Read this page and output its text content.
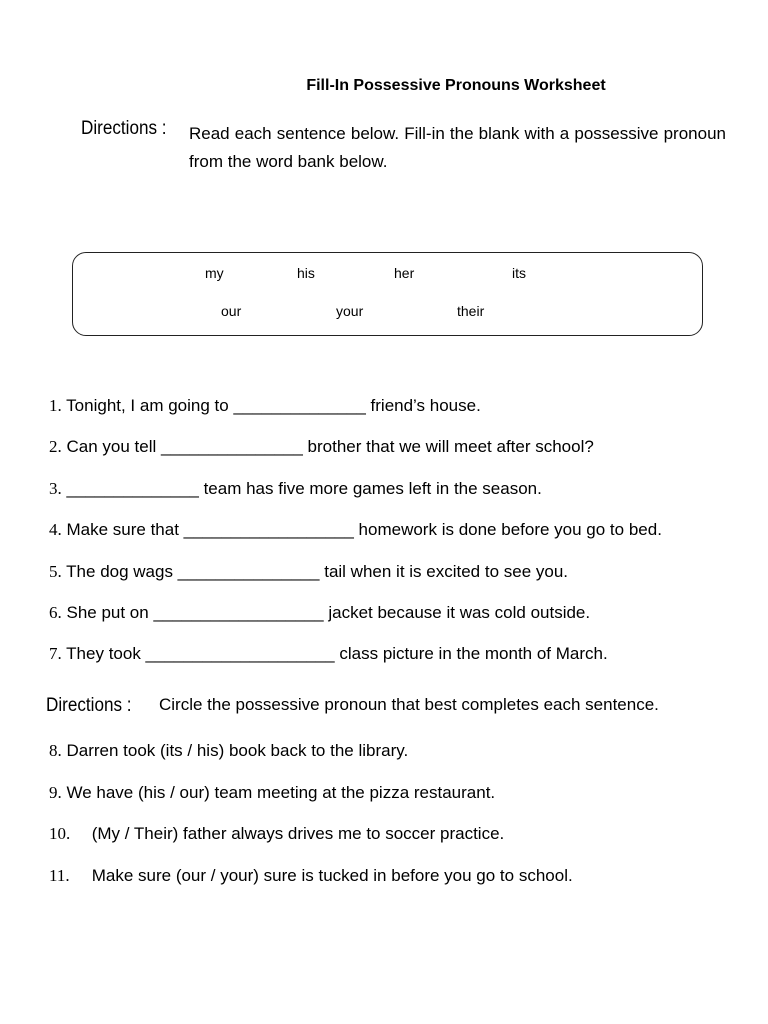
Fill-In Possessive Pronouns Worksheet
Directions : Read each sentence below. Fill-in the blank with a possessive pronoun from the word bank below.
my	his	her	its
our	your	their
1. Tonight, I am going to ______________ friend’s house.
2. Can you tell _______________ brother that we will meet after school?
3. ______________ team has five more games left in the season.
4. Make sure that __________________ homework is done before you go to bed.
5. The dog wags _______________ tail when it is excited to see you.
6. She put on __________________ jacket because it was cold outside.
7. They took ____________________ class picture in the month of March.
Directions : Circle the possessive pronoun that best completes each sentence.
8. Darren took (its / his) book back to the library.
9. We have (his / our) team meeting at the pizza restaurant.
10. (My / Their) father always drives me to soccer practice.
11. Make sure (our / your) sure is tucked in before you go to school.
